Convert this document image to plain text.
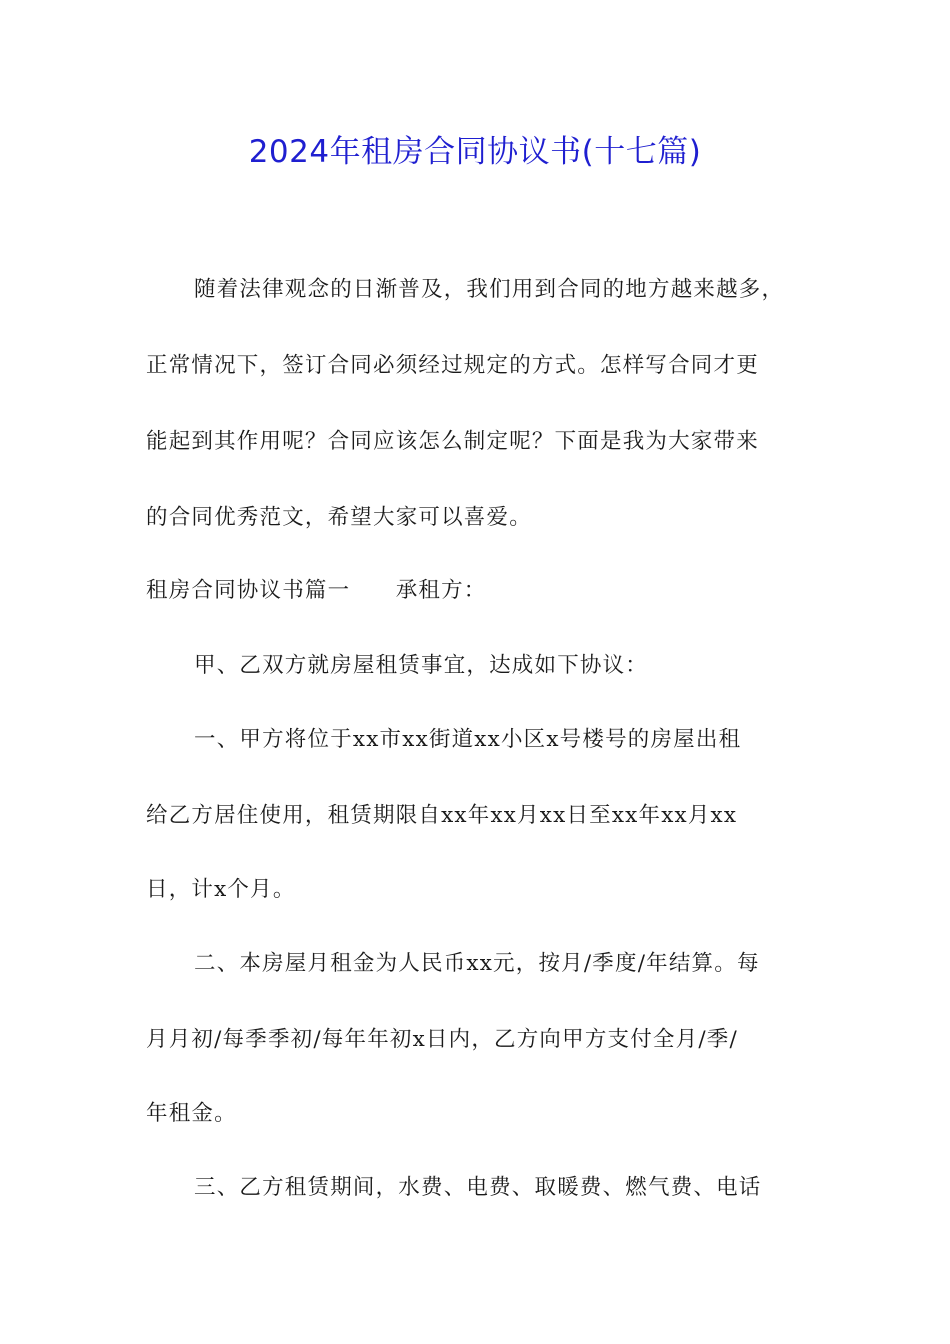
2024年租房合同协议书(十七篇)
随着法律观念的日渐普及，我们用到合同的地方越来越多，
正常情况下，签订合同必须经过规定的方式。怎样写合同才更
能起到其作用呢？合同应该怎么制定呢？下面是我为大家带来
的合同优秀范文，希望大家可以喜爱。
租房合同协议书篇一　　承租方：
甲、乙双方就房屋租赁事宜，达成如下协议：
一、甲方将位于xx市xx街道xx小区x号楼号的房屋出租
给乙方居住使用，租赁期限自xx年xx月xx日至xx年xx月xx
日，计x个月。
二、本房屋月租金为人民币xx元，按月/季度/年结算。每
月月初/每季季初/每年年初x日内，乙方向甲方支付全月/季/
年租金。
三、乙方租赁期间，水费、电费、取暖费、燃气费、电话
